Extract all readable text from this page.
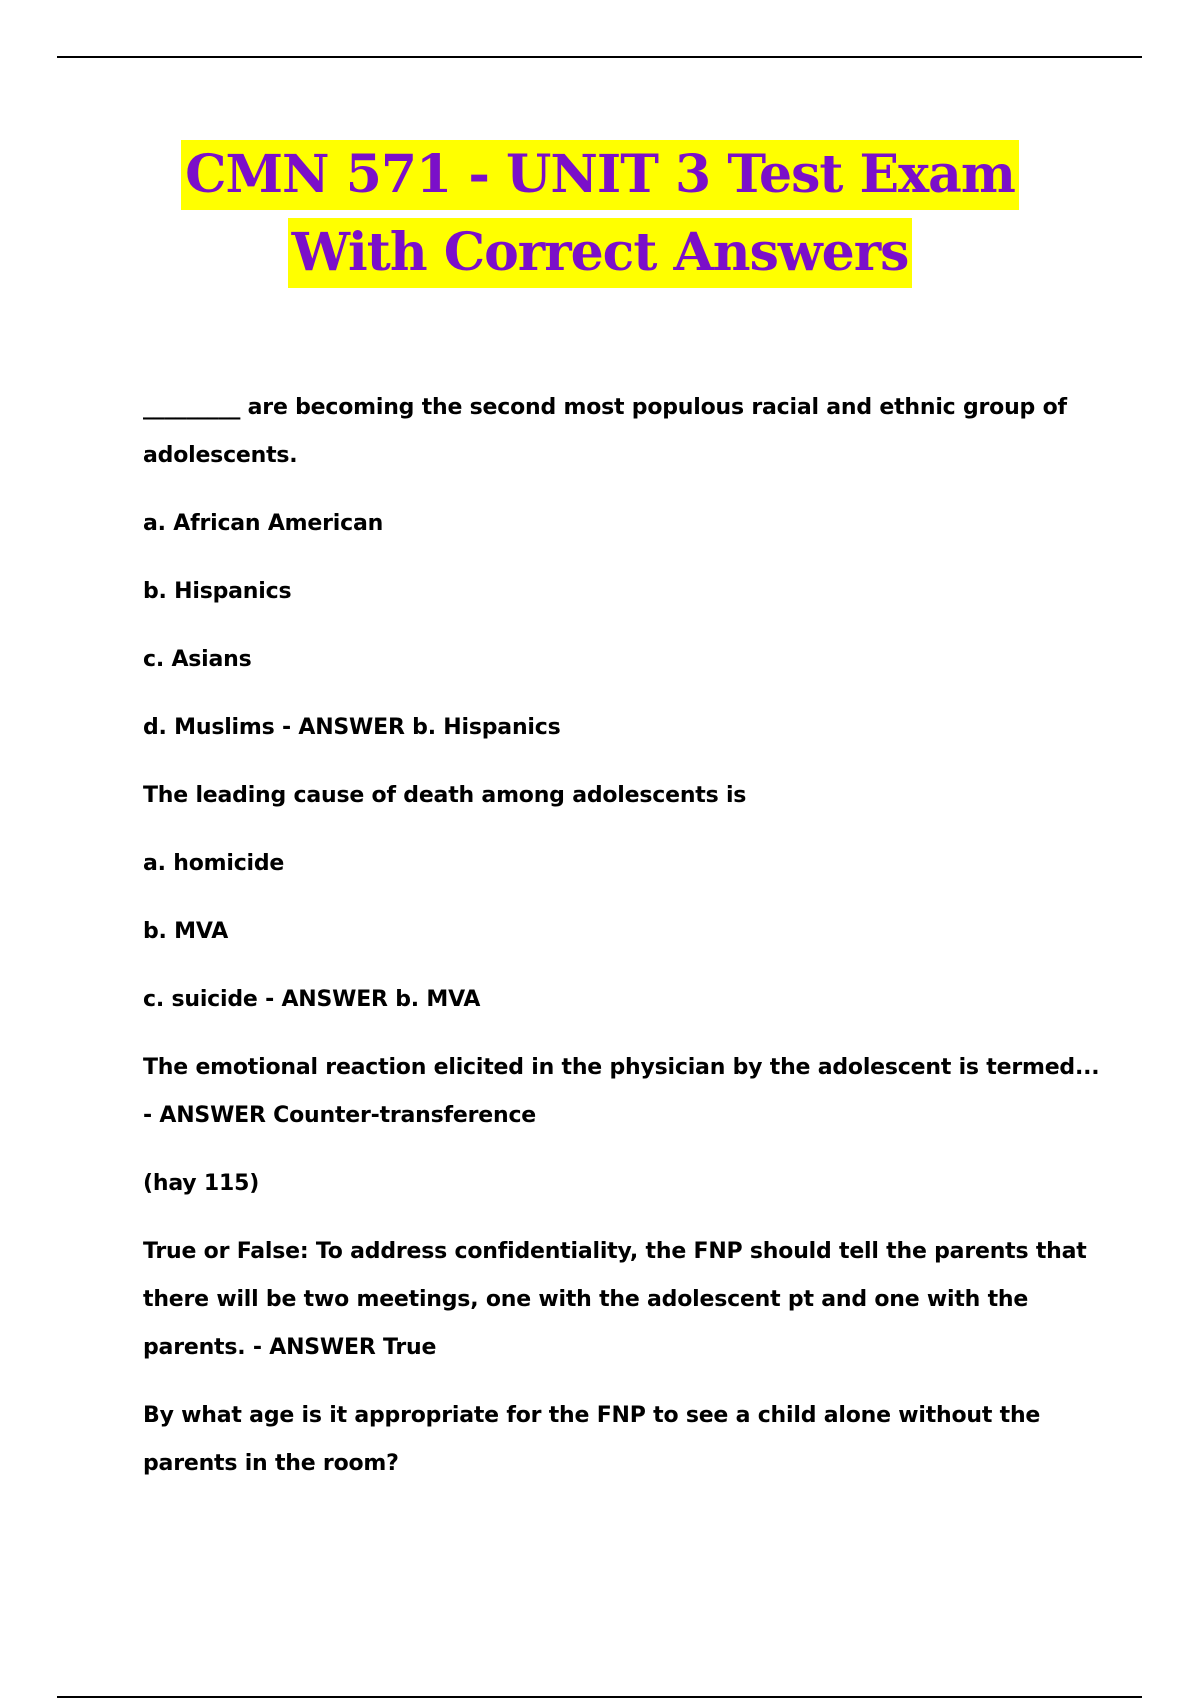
CMN 571 - UNIT 3 Test Exam
With Correct Answers

_________ are becoming the second most populous racial and ethnic group of adolescents.

a. African American

b. Hispanics

c. Asians

d. Muslims - ANSWER b. Hispanics

The leading cause of death among adolescents is

a. homicide

b. MVA

c. suicide - ANSWER b. MVA

The emotional reaction elicited in the physician by the adolescent is termed... - ANSWER Counter-transference

(hay 115)

True or False: To address confidentiality, the FNP should tell the parents that there will be two meetings, one with the adolescent pt and one with the parents. - ANSWER True

By what age is it appropriate for the FNP to see a child alone without the parents in the room?
